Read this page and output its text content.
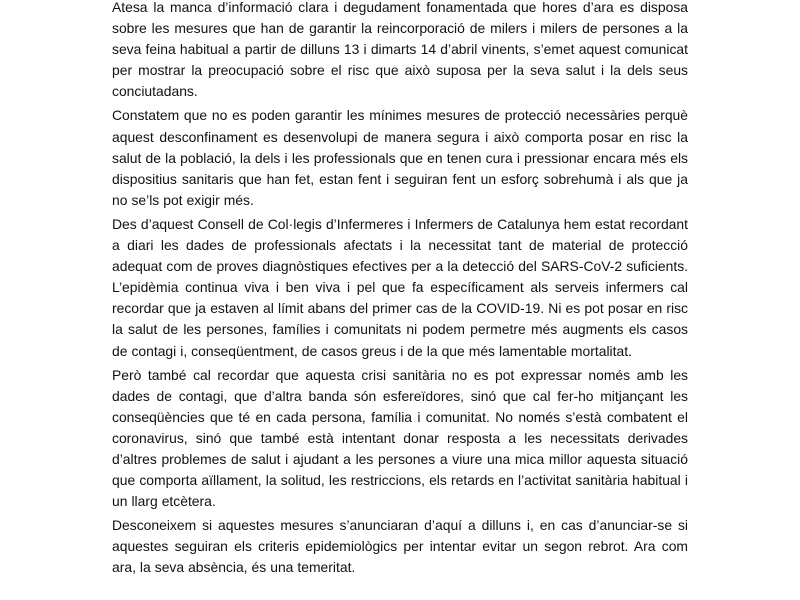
Atesa la manca d’informació clara i degudament fonamentada que hores d’ara es disposa sobre les mesures que han de garantir la reincorporació de milers i milers de persones a la seva feina habitual a partir de dilluns 13 i dimarts 14 d’abril vinents, s’emet aquest comunicat per mostrar la preocupació sobre el risc que això suposa per la seva salut i la dels seus conciutadans.

Constatem que no es poden garantir les mínimes mesures de protecció necessàries perquè aquest desconfinament es desenvolupi de manera segura i això comporta posar en risc la salut de la població, la dels i les professionals que en tenen cura i pressionar encara més els dispositius sanitaris que han fet, estan fent i seguiran fent un esforç sobrehumà i als que ja no se’ls pot exigir més.

Des d’aquest Consell de Col·legis d’Infermeres i Infermers de Catalunya hem estat recordant a diari les dades de professionals afectats i la necessitat tant de material de protecció adequat com de proves diagnòstiques efectives per a la detecció del SARS-CoV-2 suficients. L’epidèmia continua viva i ben viva i pel que fa específicament als serveis infermers cal recordar que ja estaven al límit abans del primer cas de la COVID-19. Ni es pot posar en risc la salut de les persones, famílies i comunitats ni podem permetre més augments els casos de contagi i, conseqüentment, de casos greus i de la que més lamentable mortalitat.

Però també cal recordar que aquesta crisi sanitària no es pot expressar només amb les dades de contagi, que d’altra banda són esfereïdores, sinó que cal fer-ho mitjançant les conseqüències que té en cada persona, família i comunitat. No només s’està combatent el coronavirus, sinó que també està intentant donar resposta a les necessitats derivades d’altres problemes de salut i ajudant a les persones a viure una mica millor aquesta situació que comporta aïllament, la solitud, les restriccions, els retards en l’activitat sanitària habitual i un llarg etcètera.

Desconeixem si aquestes mesures s’anunciaran d’aquí a dilluns i, en cas d’anunciar-se si aquestes seguiran els criteris epidemiològics per intentar evitar un segon rebrot. Ara com ara, la seva absència, és una temeritat.
